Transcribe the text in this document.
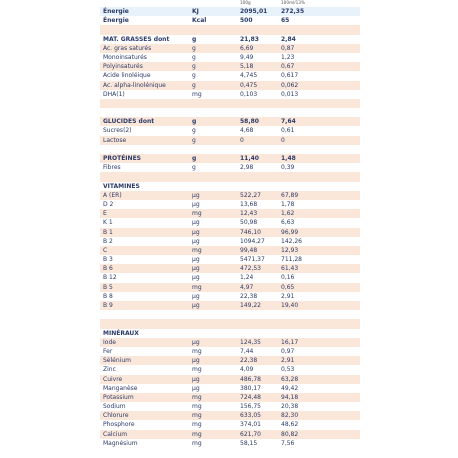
100g	100ml/13%
Énergie	KJ	2095,01 272,35
Énergie	Kcal	500	65
MAT. GRASSES dont	g	21,83	2,84
Ac. gras saturés	g	6,69	0,87
Monoinsaturés	g	9,49	1,23
Polyinsaturés	g	5,18	0,67
Acide linoléique	g	4,745	0,617
Ac. alpha-linolénique	g	0,475	0,062
DHA(1)	mg	0,103	0,013
GLUCIDES dont	g	58,80	7,64
Sucres(2)	g	4,68	0,61
Lactose	g	0	0
PROTÉINES	g	11,40	1,48
Fibres	g	2,98	0,39
VITAMINES
A (ER)	µg	522,27	67,89
D 2	µg	13,68	1,78
E	mg	12,43	1,62
K 1	µg	50,98	6,63
B 1	µg	746,10	96,99
B 2	µg	1094,27	142,26
C	mg	99,48	12,93
B 3	µg	5471,37	711,28
B 6	µg	472,53	61,43
B 12	µg	1,24	0,16
B 5	mg	4,97	0,65
B 8	µg	22,38	2,91
B 9	µg	149,22	19,40
MINÉRAUX
Iode	µg	124,35	16,17
Fer	mg	7,44	0,97
Sélénium	µg	22,38	2,91
Zinc	mg	4,09	0,53
Cuivre	µg	486,78	63,28
Manganèse	µg	380,17	49,42
Potassium	mg	724,48	94,18
Sodium	mg	156,75	20,38
Chlorure	mg	633,05	82,30
Phosphore	mg	374,01	48,62
Calcium	mg	621,70	80,82
Magnésium	mg	58,15	7,56
